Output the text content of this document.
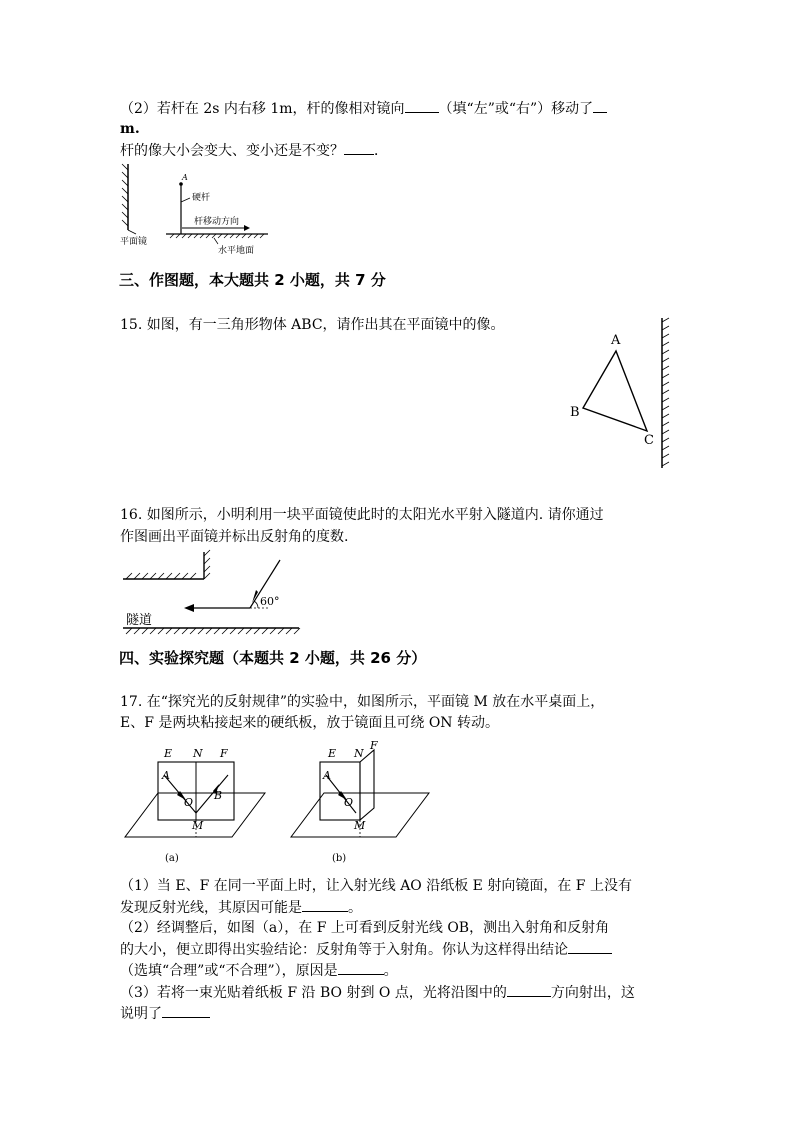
（2）若杆在 2s 内右移 1m，杆的像相对镜向 （填“左”或“右”）移动了
m.
杆的像大小会变大、变小还是不变？ ．
平面镜
水平地面
A
硬杆
杆移动方向
三、作图题，本大题共 2 小题，共 7 分
15. 如图，有一三角形物体 ABC，请作出其在平面镜中的像。
A
B
C
16. 如图所示，小明利用一块平面镜使此时的太阳光水平射入隧道内. 请你通过
作图画出平面镜并标出反射角的度数.
60°
隧道
四、实验探究题（本题共 2 小题，共 26 分）
17. 在“探究光的反射规律”的实验中，如图所示，平面镜 M 放在水平桌面上，
E、F 是两块粘接起来的硬纸板，放于镜面且可绕 ON 转动。
E N F
A
O
B
M
(a)
E N
F
A
O
M
(b)
（1）当 E、F 在同一平面上时，让入射光线 AO 沿纸板 E 射向镜面，在 F 上没有
发现反射光线，其原因可能是	。
（2）经调整后，如图（a），在 F 上可看到反射光线 OB，测出入射角和反射角
的大小，便立即得出实验结论：反射角等于入射角。你认为这样得出结论
（选填“合理”或“不合理”），原因是	。
（3）若将一束光贴着纸板 F 沿 BO 射到 O 点，光将沿图中的	方向射出，这
说明了
